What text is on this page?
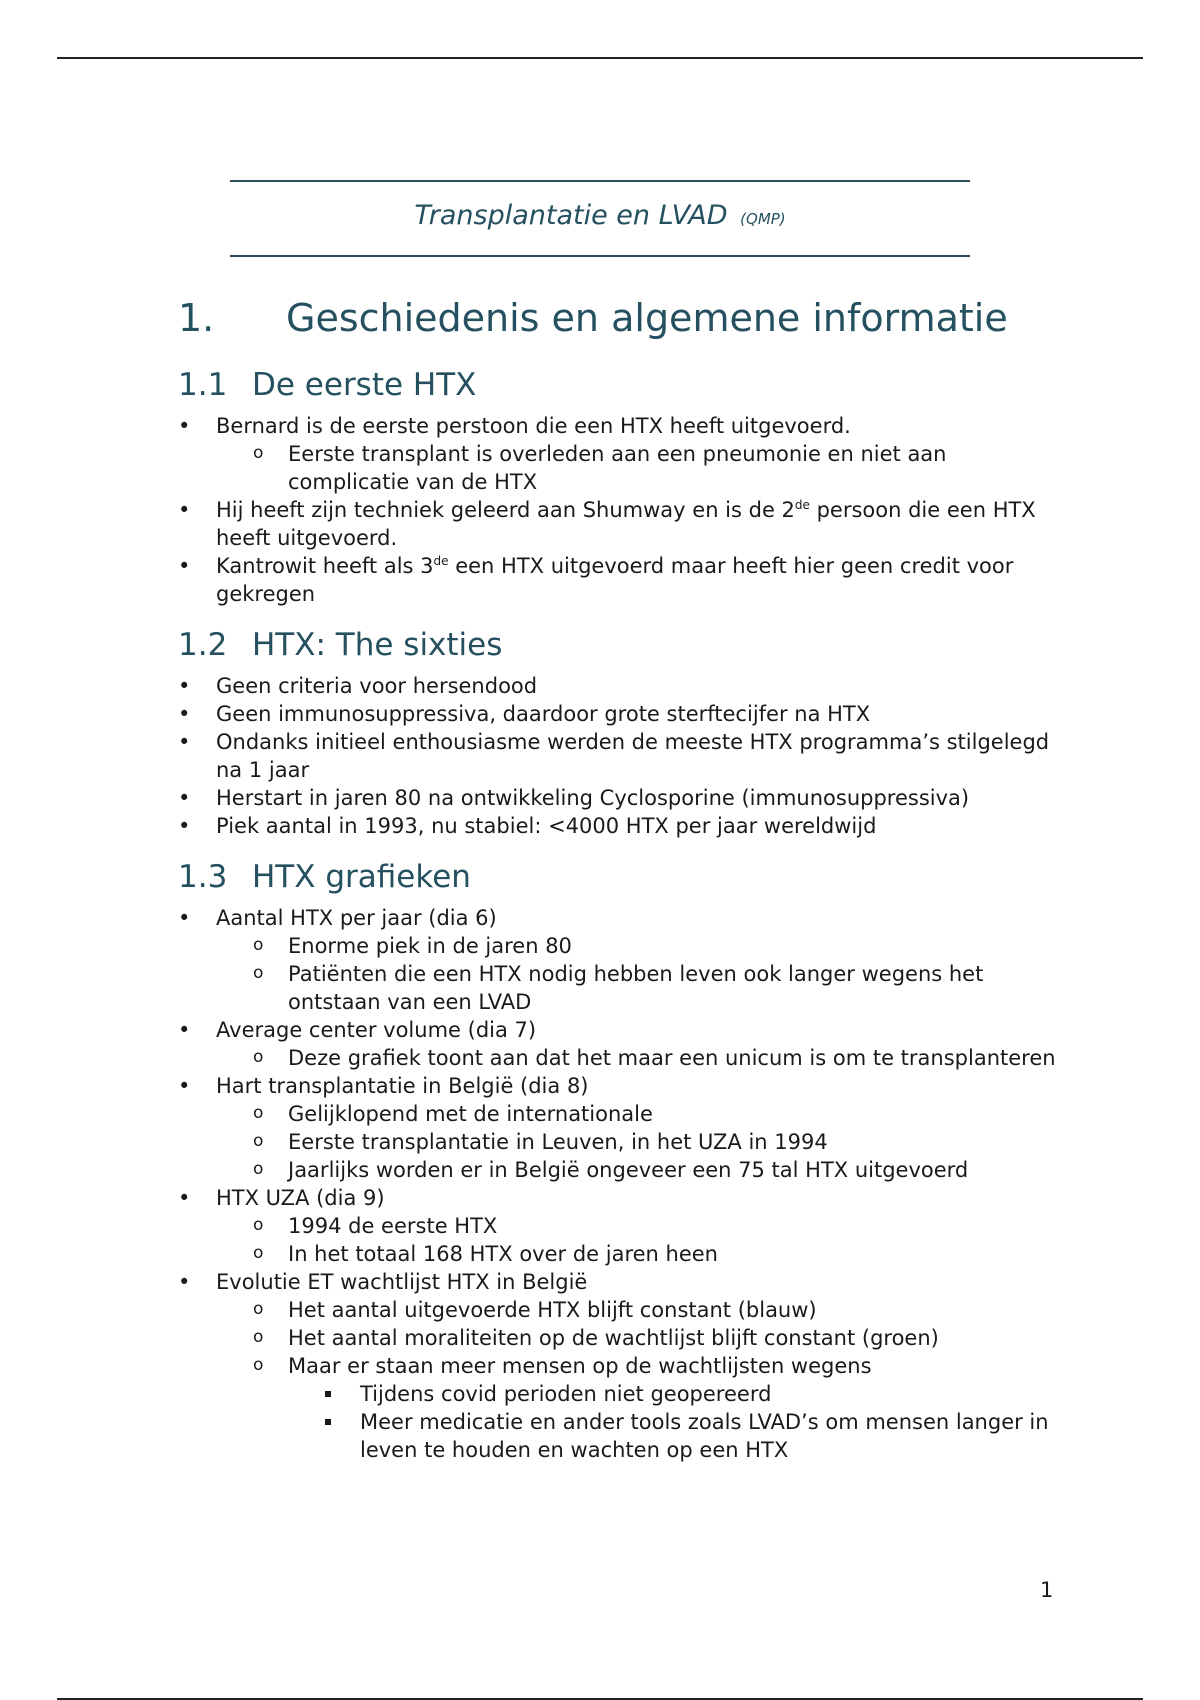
Transplantatie en LVAD (QMP)
1. Geschiedenis en algemene informatie
1.1 De eerste HTX
• Bernard is de eerste perstoon die een HTX heeft uitgevoerd.
o Eerste transplant is overleden aan een pneumonie en niet aan complicatie van de HTX
• Hij heeft zijn techniek geleerd aan Shumway en is de 2de persoon die een HTX heeft uitgevoerd.
• Kantrowit heeft als 3de een HTX uitgevoerd maar heeft hier geen credit voor gekregen
1.2 HTX: The sixties
• Geen criteria voor hersendood
• Geen immunosuppressiva, daardoor grote sterftecijfer na HTX
• Ondanks initieel enthousiasme werden de meeste HTX programma’s stilgelegd na 1 jaar
• Herstart in jaren 80 na ontwikkeling Cyclosporine (immunosuppressiva)
• Piek aantal in 1993, nu stabiel: <4000 HTX per jaar wereldwijd
1.3 HTX grafieken
• Aantal HTX per jaar (dia 6)
o Enorme piek in de jaren 80
o Patiënten die een HTX nodig hebben leven ook langer wegens het ontstaan van een LVAD
• Average center volume (dia 7)
o Deze grafiek toont aan dat het maar een unicum is om te transplanteren
• Hart transplantatie in België (dia 8)
o Gelijklopend met de internationale
o Eerste transplantatie in Leuven, in het UZA in 1994
o Jaarlijks worden er in België ongeveer een 75 tal HTX uitgevoerd
• HTX UZA (dia 9)
o 1994 de eerste HTX
o In het totaal 168 HTX over de jaren heen
• Evolutie ET wachtlijst HTX in België
o Het aantal uitgevoerde HTX blijft constant (blauw)
o Het aantal moraliteiten op de wachtlijst blijft constant (groen)
o Maar er staan meer mensen op de wachtlijsten wegens
Tijdens covid perioden niet geopereerd
Meer medicatie en ander tools zoals LVAD’s om mensen langer in leven te houden en wachten op een HTX
1
